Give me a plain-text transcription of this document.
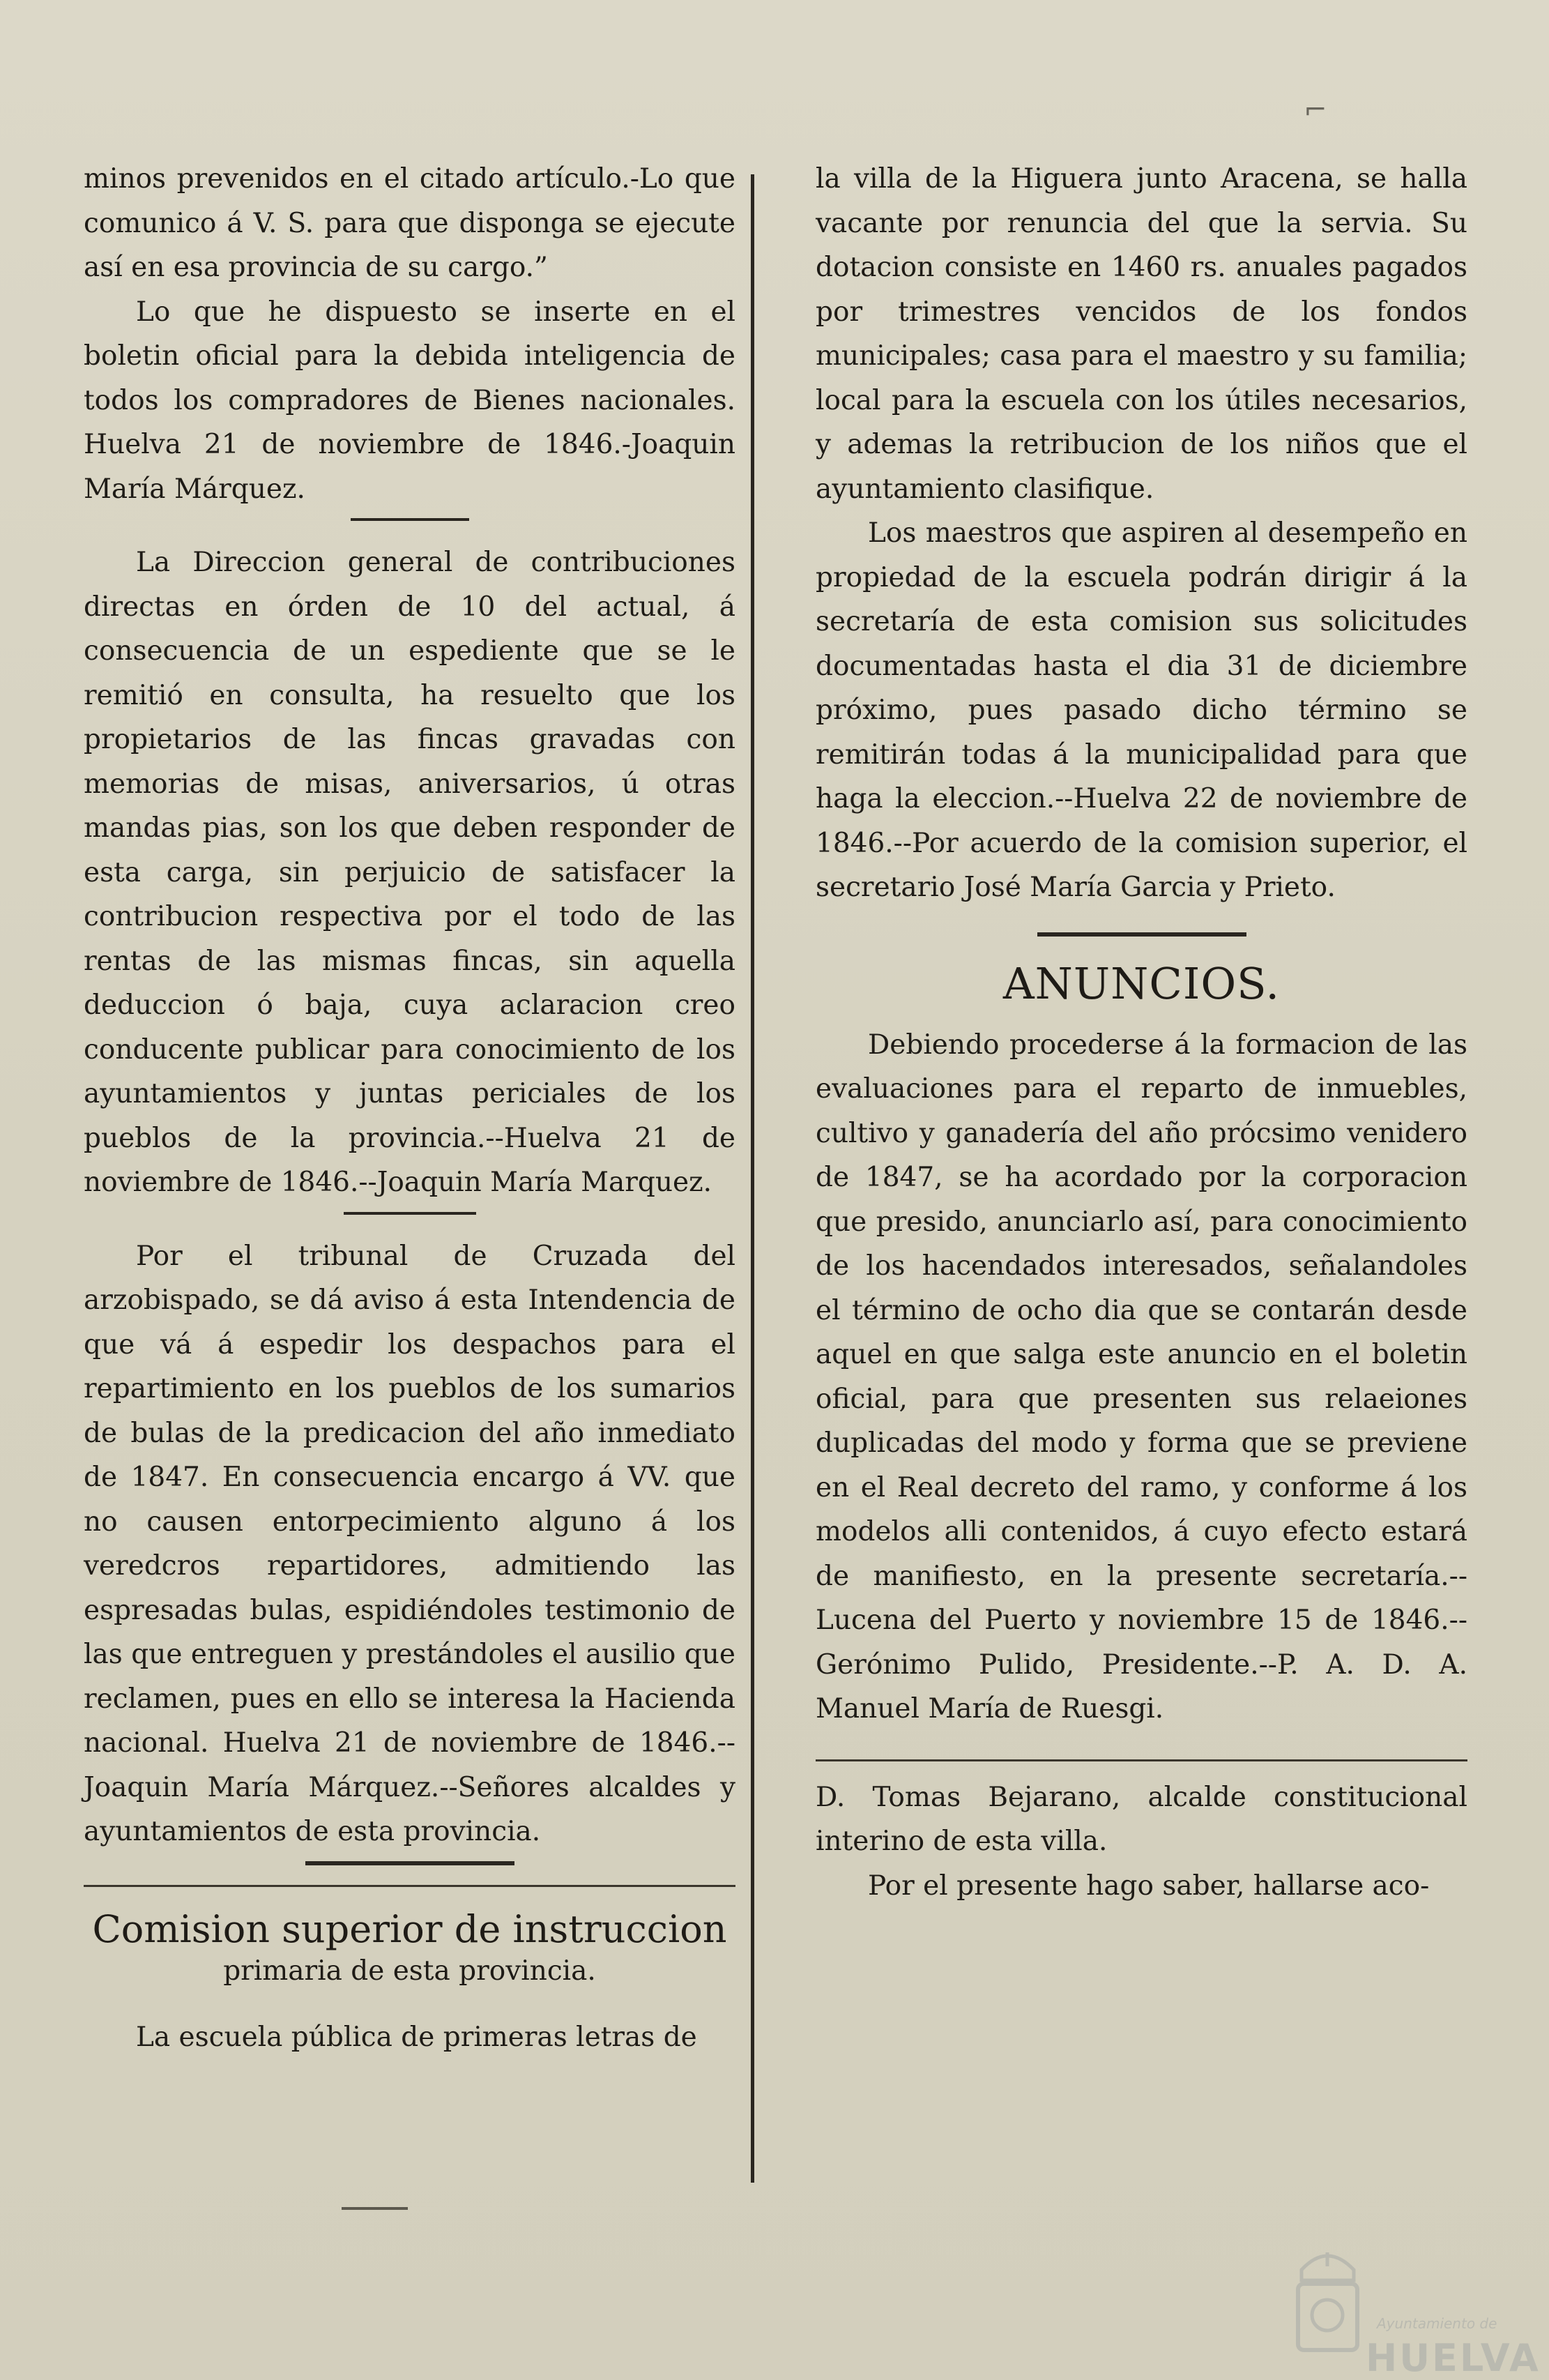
⌐

minos prevenidos en el citado artículo.-Lo que comunico á V. S. para que disponga se ejecute así en esa provincia de su cargo.”

Lo que he dispuesto se inserte en el boletin oficial para la debida inteligencia de todos los compradores de Bienes nacionales. Huelva 21 de noviembre de 1846.-Joaquin María Márquez.

La Direccion general de contribuciones directas en órden de 10 del actual, á consecuencia de un espediente que se le remitió en consulta, ha resuelto que los propietarios de las fincas gravadas con memorias de misas, aniversarios, ú otras mandas pias, son los que deben responder de esta carga, sin perjuicio de satisfacer la contribucion respectiva por el todo de las rentas de las mismas fincas, sin aquella deduccion ó baja, cuya aclaracion creo conducente publicar para conocimiento de los ayuntamientos y juntas periciales de los pueblos de la provincia.--Huelva 21 de noviembre de 1846.--Joaquin María Marquez.

Por el tribunal de Cruzada del arzobispado, se dá aviso á esta Intendencia de que vá á espedir los despachos para el repartimiento en los pueblos de los sumarios de bulas de la predicacion del año inmediato de 1847. En consecuencia encargo á VV. que no causen entorpecimiento alguno á los veredcros repartidores, admitiendo las espresadas bulas, espidiéndoles testimonio de las que entreguen y prestándoles el ausilio que reclamen, pues en ello se interesa la Hacienda nacional. Huelva 21 de noviembre de 1846.--Joaquin María Márquez.--Señores alcaldes y ayuntamientos de esta provincia.

Comision superior de instruccion
primaria de esta provincia.

La escuela pública de primeras letras de

la villa de la Higuera junto Aracena, se halla vacante por renuncia del que la servia. Su dotacion consiste en 1460 rs. anuales pagados por trimestres vencidos de los fondos municipales; casa para el maestro y su familia; local para la escuela con los útiles necesarios, y ademas la retribucion de los niños que el ayuntamiento clasifique.

Los maestros que aspiren al desempeño en propiedad de la escuela podrán dirigir á la secretaría de esta comision sus solicitudes documentadas hasta el dia 31 de diciembre próximo, pues pasado dicho término se remitirán todas á la municipalidad para que haga la eleccion.--Huelva 22 de noviembre de 1846.--Por acuerdo de la comision superior, el secretario José María Garcia y Prieto.

ANUNCIOS.

Debiendo procederse á la formacion de las evaluaciones para el reparto de inmuebles, cultivo y ganadería del año prócsimo venidero de 1847, se ha acordado por la corporacion que presido, anunciarlo así, para conocimiento de los hacendados interesados, señalandoles el término de ocho dia que se contarán desde aquel en que salga este anuncio en el boletin oficial, para que presenten sus relaeiones duplicadas del modo y forma que se previene en el Real decreto del ramo, y conforme á los modelos alli contenidos, á cuyo efecto estará de manifiesto, en la presente secretaría.--Lucena del Puerto y noviembre 15 de 1846.--Gerónimo Pulido, Presidente.--P. A. D. A. Manuel María de Ruesgi.

D. Tomas Bejarano, alcalde constitucional interino de esta villa.

Por el presente hago saber, hallarse aco-

Ayuntamiento de
HUELVA
